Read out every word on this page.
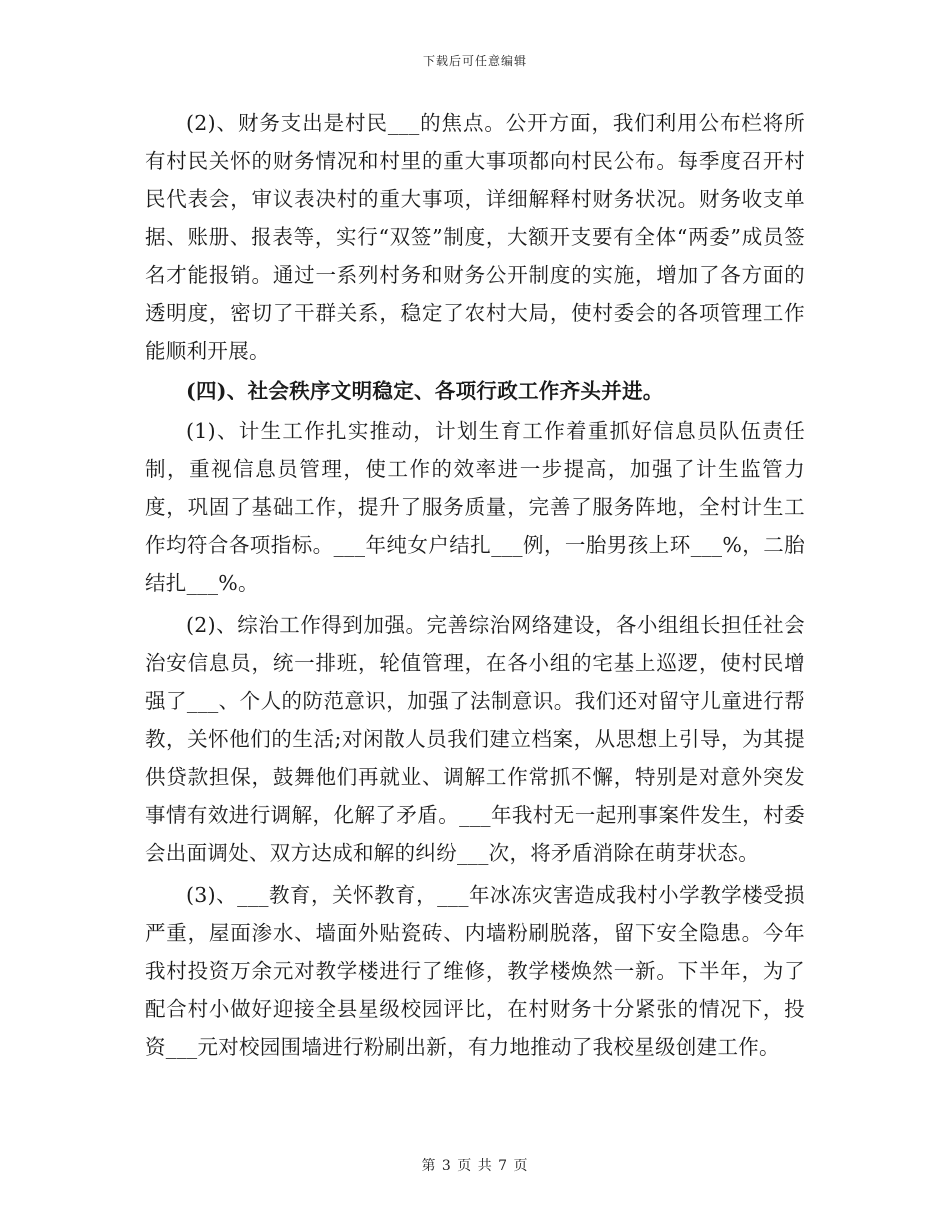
下载后可任意编辑

(2)、财务支出是村民___的焦点。公开方面，我们利用公布栏将所有村民关怀的财务情况和村里的重大事项都向村民公布。每季度召开村民代表会，审议表决村的重大事项，详细解释村财务状况。财务收支单据、账册、报表等，实行“双签”制度，大额开支要有全体“两委”成员签名才能报销。通过一系列村务和财务公开制度的实施，增加了各方面的透明度，密切了干群关系，稳定了农村大局，使村委会的各项管理工作能顺利开展。

(四)、社会秩序文明稳定、各项行政工作齐头并进。

(1)、计生工作扎实推动，计划生育工作着重抓好信息员队伍责任制，重视信息员管理，使工作的效率进一步提高，加强了计生监管力度，巩固了基础工作，提升了服务质量，完善了服务阵地，全村计生工作均符合各项指标。___年纯女户结扎___例，一胎男孩上环___%，二胎结扎___%。

(2)、综治工作得到加强。完善综治网络建设，各小组组长担任社会治安信息员，统一排班，轮值管理，在各小组的宅基上巡逻，使村民增强了___、个人的防范意识，加强了法制意识。我们还对留守儿童进行帮教，关怀他们的生活;对闲散人员我们建立档案，从思想上引导，为其提供贷款担保，鼓舞他们再就业、调解工作常抓不懈，特别是对意外突发事情有效进行调解，化解了矛盾。___年我村无一起刑事案件发生，村委会出面调处、双方达成和解的纠纷___次，将矛盾消除在萌芽状态。

(3)、___教育，关怀教育，___年冰冻灾害造成我村小学教学楼受损严重，屋面渗水、墙面外贴瓷砖、内墙粉刷脱落，留下安全隐患。今年我村投资万余元对教学楼进行了维修，教学楼焕然一新。下半年，为了配合村小做好迎接全县星级校园评比，在村财务十分紧张的情况下，投资___元对校园围墙进行粉刷出新，有力地推动了我校星级创建工作。

第 3 页 共 7 页
